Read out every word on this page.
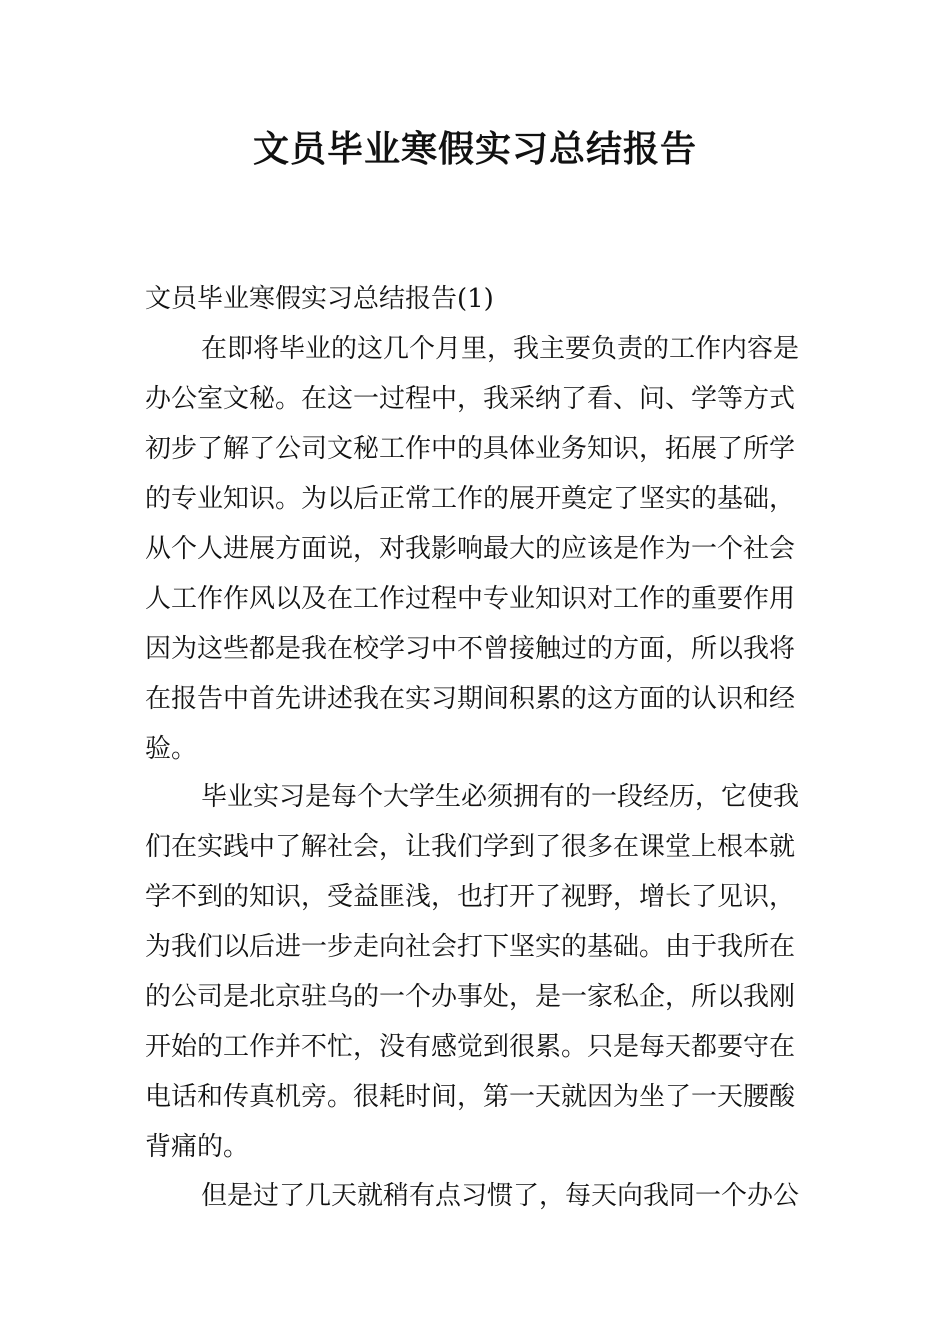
文员毕业寒假实习总结报告
文员毕业寒假实习总结报告(1)
在即将毕业的这几个月里，我主要负责的工作内容是
办公室文秘。在这一过程中，我采纳了看、问、学等方式
初步了解了公司文秘工作中的具体业务知识，拓展了所学
的专业知识。为以后正常工作的展开奠定了坚实的基础，
从个人进展方面说，对我影响最大的应该是作为一个社会
人工作作风以及在工作过程中专业知识对工作的重要作用
因为这些都是我在校学习中不曾接触过的方面，所以我将
在报告中首先讲述我在实习期间积累的这方面的认识和经
验。
毕业实习是每个大学生必须拥有的一段经历，它使我
们在实践中了解社会，让我们学到了很多在课堂上根本就
学不到的知识，受益匪浅，也打开了视野，增长了见识，
为我们以后进一步走向社会打下坚实的基础。由于我所在
的公司是北京驻乌的一个办事处，是一家私企，所以我刚
开始的工作并不忙，没有感觉到很累。只是每天都要守在
电话和传真机旁。很耗时间，第一天就因为坐了一天腰酸
背痛的。
但是过了几天就稍有点习惯了，每天向我同一个办公
